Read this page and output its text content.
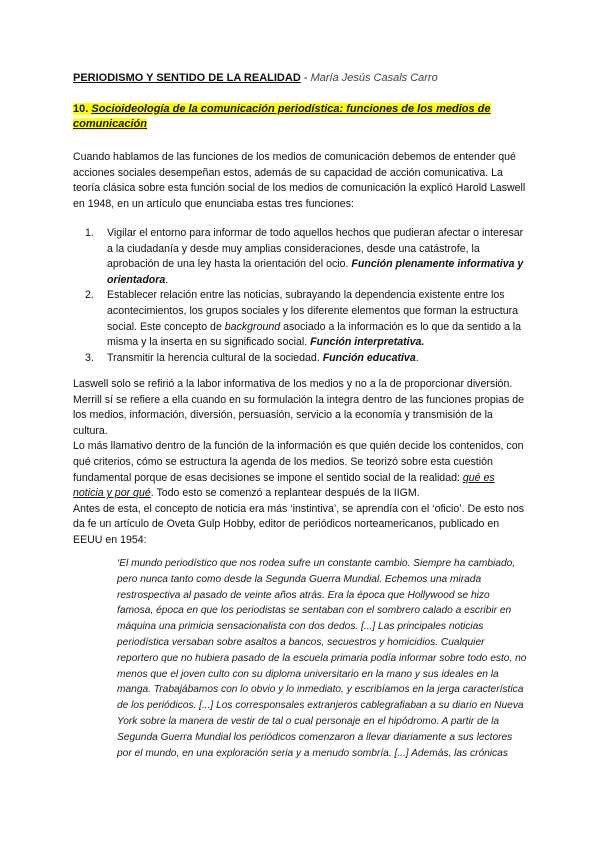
PERIODISMO Y SENTIDO DE LA REALIDAD - María Jesús Casals Carro
10. Socioideología de la comunicación periodística: funciones de los medios de comunicación

Cuando hablamos de las funciones de los medios de comunicación debemos de entender qué acciones sociales desempeñan estos, además de su capacidad de acción comunicativa. La teoría clásica sobre esta función social de los medios de comunicación la explicó Harold Laswell en 1948, en un artículo que enunciaba estas tres funciones:

1. Vigilar el entorno para informar de todo aquellos hechos que pudieran afectar o interesar a la ciudadanía y desde muy amplias consideraciones, desde una catástrofe, la aprobación de una ley hasta la orientación del ocio. Función plenamente informativa y orientadora.
2. Establecer relación entre las noticias, subrayando la dependencia existente entre los acontecimientos, los grupos sociales y los diferente elementos que forman la estructura social. Este concepto de background asociado a la información es lo que da sentido a la misma y la inserta en su significado social. Función interpretativa.
3. Transmitir la herencia cultural de la sociedad. Función educativa.
Laswell solo se refirió a la labor informativa de los medios y no a la de proporcionar diversión. Merrill sí se refiere a ella cuando en su formulación la integra dentro de las funciones propias de los medios, información, diversión, persuasión, servicio a la economía y transmisión de la cultura.
Lo más llamativo dentro de la función de la información es que quién decide los contenidos, con qué criterios, cómo se estructura la agenda de los medios. Se teorizó sobre esta cuestión fundamental porque de esas decisiones se impone el sentido social de la realidad: qué es noticia y por qué. Todo esto se comenzó a replantear después de la IIGM.
Antes de esta, el concepto de noticia era más ‘instintiva’, se aprendía con el ‘oficio’. De esto nos da fe un artículo de Oveta Gulp Hobby, editor de periódicos norteamericanos, publicado en EEUU en 1954:

‘El mundo periodístico que nos rodea sufre un constante cambio. Siempre ha cambiado, pero nunca tanto como desde la Segunda Guerra Mundial. Echemos una mirada restrospectiva al pasado de veinte años atrás. Era la época que Hollywood se hizo famosa, época en que los periodistas se sentaban con el sombrero calado a escribir en máquina una primicia sensacionalista con dos dedos. [...] Las principales noticias periodística versaban sobre asaltos a bancos, secuestros y homicidios. Cualquier reportero que no hubiera pasado de la escuela primaria podía informar sobre todo esto, no menos que el joven culto con su diploma universitario en la mano y sus ideales en la manga. Trabajábamos con lo obvio y lo inmediato, y escribíamos en la jerga característica de los periódicos. [...] Los corresponsales extranjeros cablegrafiaban a su diario en Nueva York sobre la manera de vestir de tal o cual personaje en el hipódromo. A partir de la Segunda Guerra Mundial los periódicos comenzaron a llevar diariamente a sus lectores por el mundo, en una exploración seria y a menudo sombría. [...] Además, las crónicas
